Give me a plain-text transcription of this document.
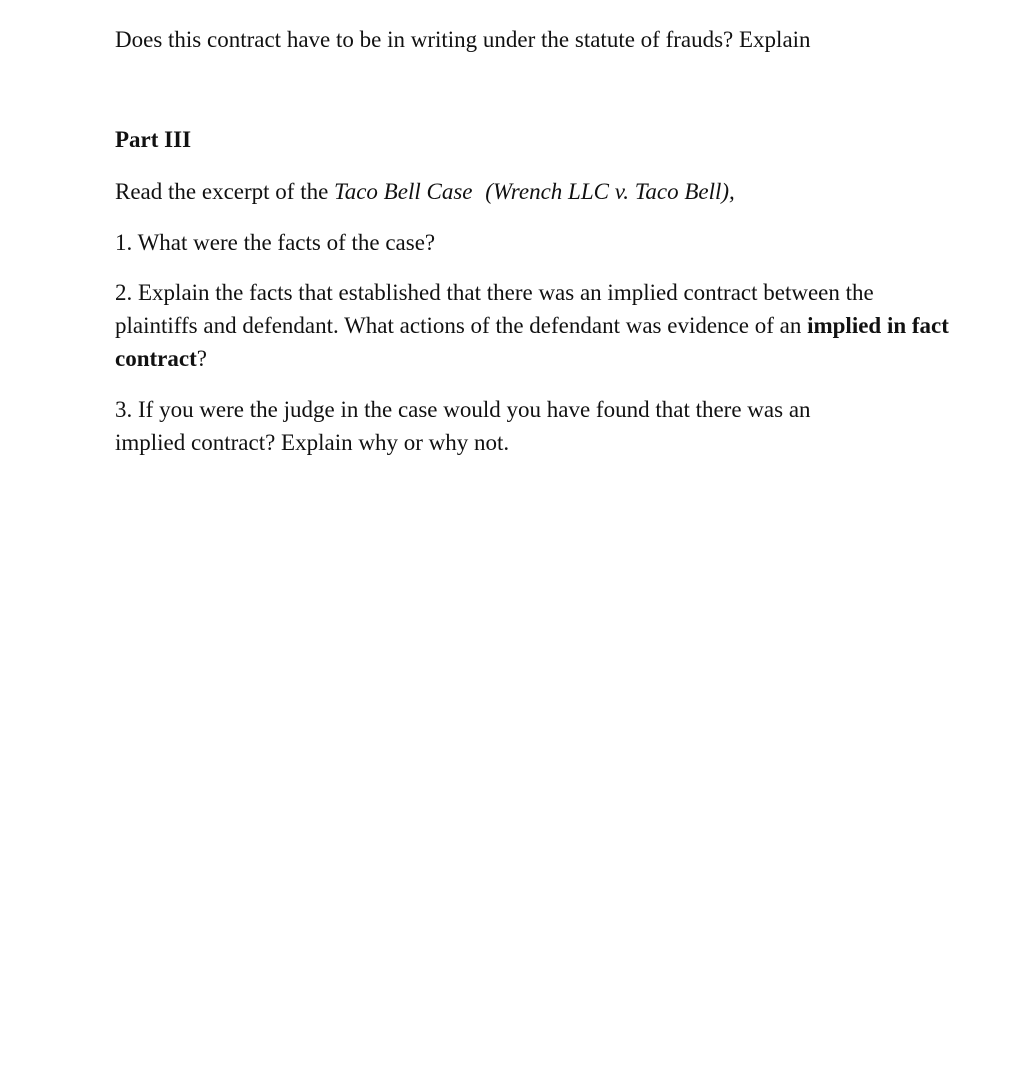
Does this contract have to be in writing under the statute of frauds? Explain

Part III

Read the excerpt of the Taco Bell Case (Wrench LLC v. Taco Bell),

1. What were the facts of the case?

2. Explain the facts that established that there was an implied contract between the plaintiffs and defendant. What actions of the defendant was evidence of an implied in fact contract?

3. If you were the judge in the case would you have found that there was an implied contract? Explain why or why not.
